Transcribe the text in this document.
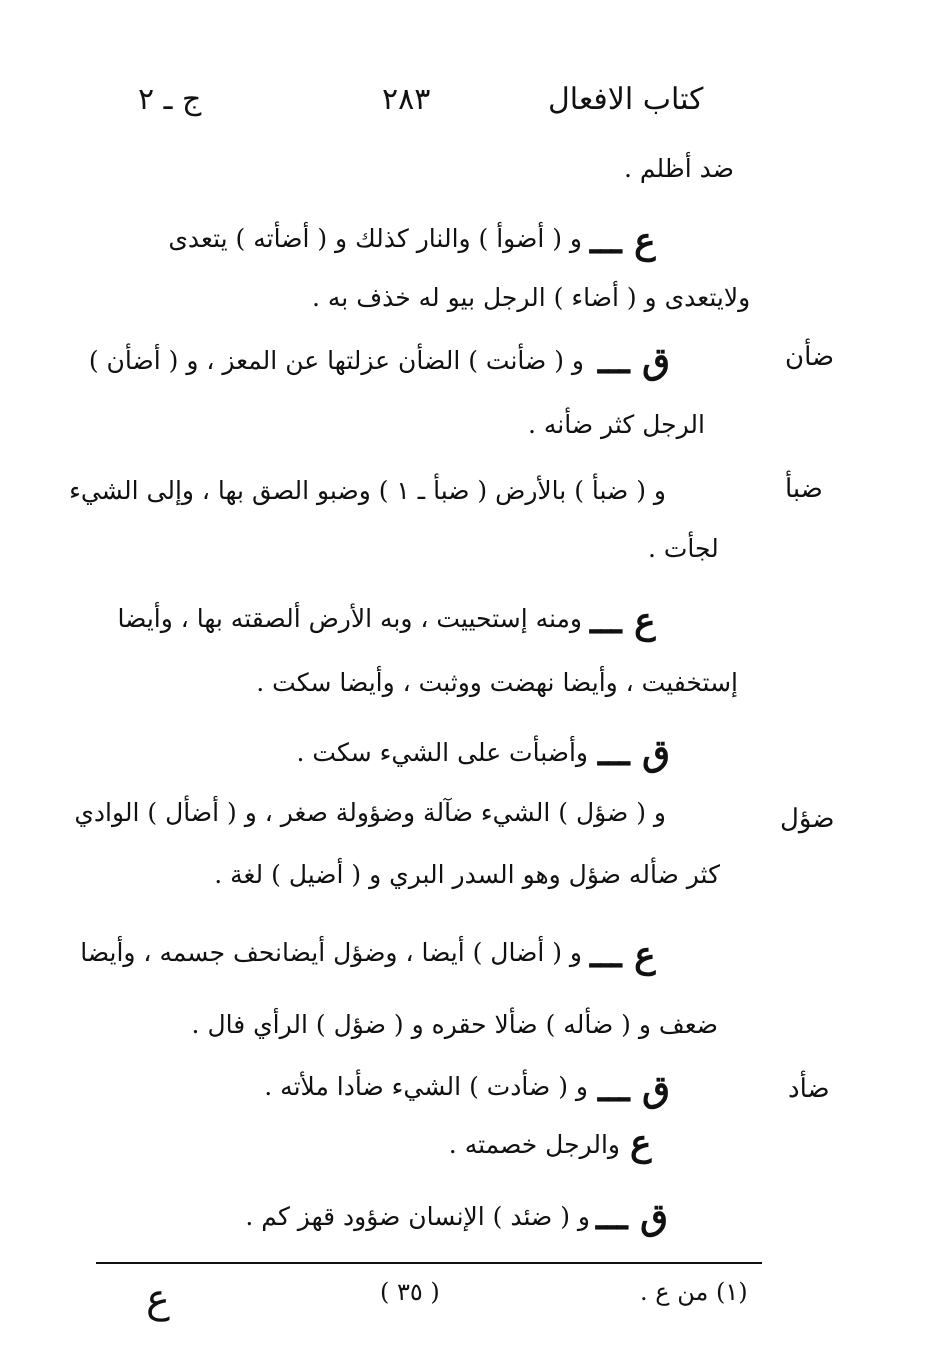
كتاب الافعال
٢٨٣
ج ـ ٢
ضد أظلم .
ع ـــ
و ( أضوأ ) والنار كذلك و ( أضأته ) يتعدى
ولايتعدى و ( أضاء ) الرجل بيو له خذف به .
ضأن
ق ـــ
و ( ضأنت ) الضأن عزلتها عن المعز ، و ( أضأن )
الرجل كثر ضأنه .
ضبأ
و ( ضبأ ) بالأرض ( ضبأ ـ ١ ) وضبو الصق بها ، وإلى الشيء
لجأت .
ع ـــ
ومنه إستحييت ، وبه الأرض ألصقته بها ، وأيضا
إستخفيت ، وأيضا نهضت ووثبت ، وأيضا سكت .
ق ـــ
وأضبأت على الشيء سكت .
ضؤل
و ( ضؤل ) الشيء ضآلة وضؤولة صغر ، و ( أضأل ) الوادي
كثر ضأله ضؤل وهو السدر البري و ( أضيل ) لغة .
ع ـــ
و ( أضال ) أيضا ، وضؤل أيضانحف جسمه ، وأيضا
ضعف و ( ضأله ) ضألا حقره و ( ضؤل ) الرأي فال .
ضأد
ق ـــ
و ( ضأدت ) الشيء ضأدا ملأته .
ع
والرجل خصمته .
ق ـــ
و ( ضئد ) الإنسان ضؤود قهز كم .
(١) من ع .
( ٣٥ )
ع
